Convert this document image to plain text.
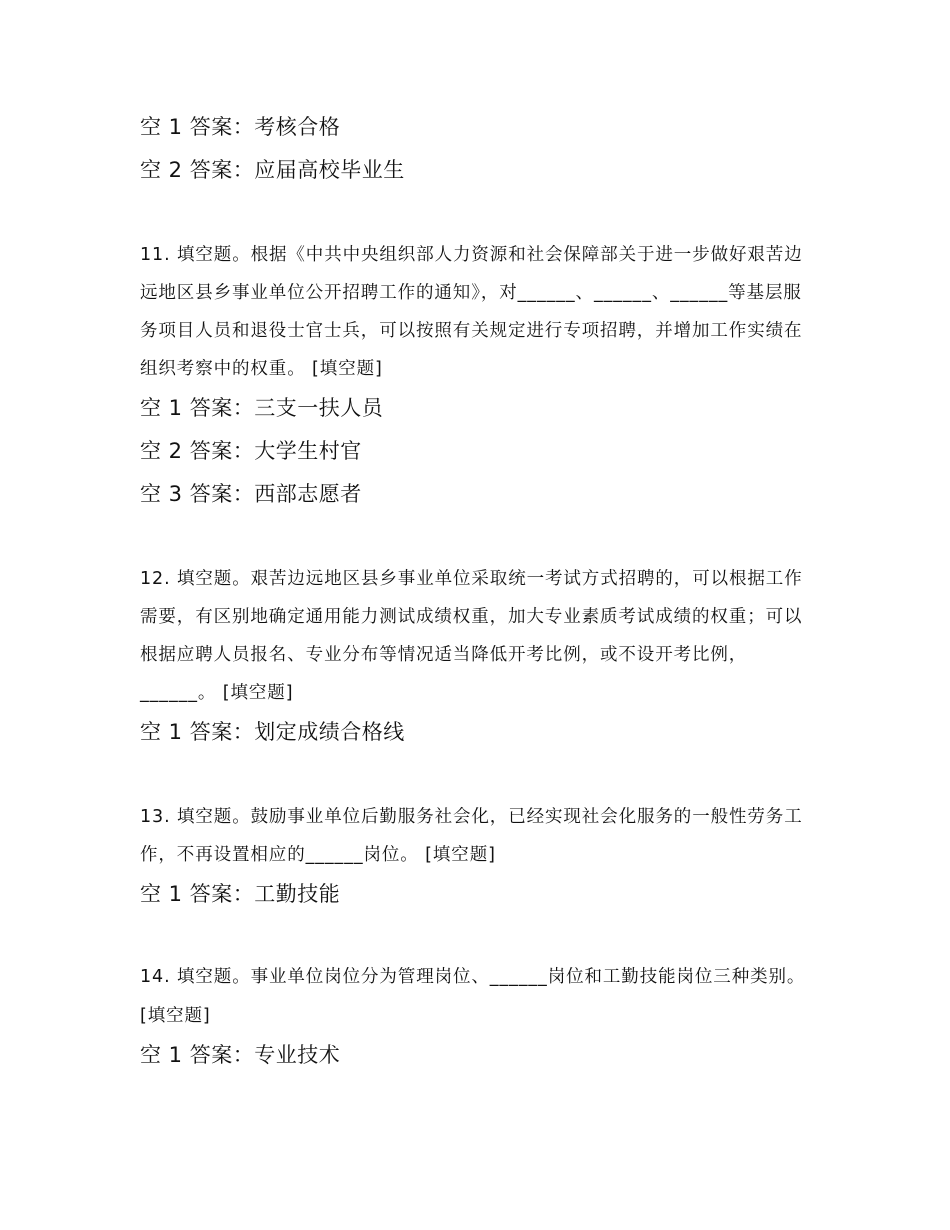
空 1 答案：考核合格
空 2 答案：应届高校毕业生
11. 填空题。根据《中共中央组织部人力资源和社会保障部关于进一步做好艰苦边
远地区县乡事业单位公开招聘工作的通知》，对______、______、______等基层服
务项目人员和退役士官士兵，可以按照有关规定进行专项招聘，并增加工作实绩在
组织考察中的权重。 [填空题]
空 1 答案：三支一扶人员
空 2 答案：大学生村官
空 3 答案：西部志愿者
12. 填空题。艰苦边远地区县乡事业单位采取统一考试方式招聘的，可以根据工作
需要，有区别地确定通用能力测试成绩权重，加大专业素质考试成绩的权重；可以
根据应聘人员报名、专业分布等情况适当降低开考比例，或不设开考比例，
______。 [填空题]
空 1 答案：划定成绩合格线
13. 填空题。鼓励事业单位后勤服务社会化，已经实现社会化服务的一般性劳务工
作，不再设置相应的______岗位。 [填空题]
空 1 答案：工勤技能
14. 填空题。事业单位岗位分为管理岗位、______岗位和工勤技能岗位三种类别。
[填空题]
空 1 答案：专业技术
